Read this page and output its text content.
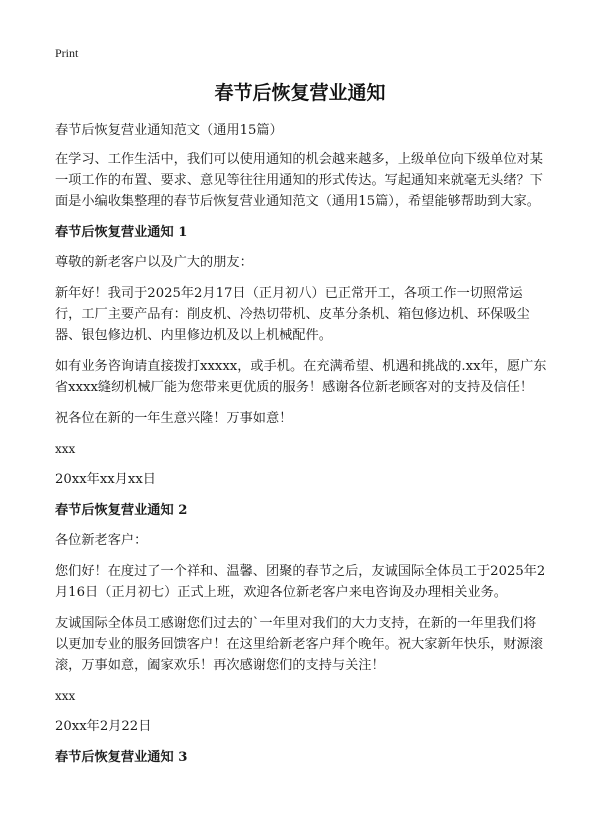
Print
春节后恢复营业通知

春节后恢复营业通知范文（通用15篇）

在学习、工作生活中，我们可以使用通知的机会越来越多，上级单位向下级单位对某一项工作的布置、要求、意见等往往用通知的形式传达。写起通知来就毫无头绪？下面是小编收集整理的春节后恢复营业通知范文（通用15篇），希望能够帮助到大家。

春节后恢复营业通知 1

尊敬的新老客户以及广大的朋友：

新年好！我司于2025年2月17日（正月初八）已正常开工，各项工作一切照常运行，工厂主要产品有：削皮机、冷热切带机、皮革分条机、箱包修边机、环保吸尘器、银包修边机、内里修边机及以上机械配件。

如有业务咨询请直接拨打xxxxx，或手机。在充满希望、机遇和挑战的.xx年，愿广东省xxxx缝纫机械厂能为您带来更优质的服务！感谢各位新老顾客对的支持及信任！

祝各位在新的一年生意兴隆！万事如意！

xxx

20xx年xx月xx日

春节后恢复营业通知 2

各位新老客户：

您们好！在度过了一个祥和、温馨、团聚的春节之后，友诚国际全体员工于2025年2月16日（正月初七）正式上班，欢迎各位新老客户来电咨询及办理相关业务。

友诚国际全体员工感谢您们过去的`一年里对我们的大力支持，在新的一年里我们将以更加专业的服务回馈客户！在这里给新老客户拜个晚年。祝大家新年快乐，财源滚滚，万事如意，阖家欢乐！再次感谢您们的支持与关注！

xxx

20xx年2月22日

春节后恢复营业通知 3
